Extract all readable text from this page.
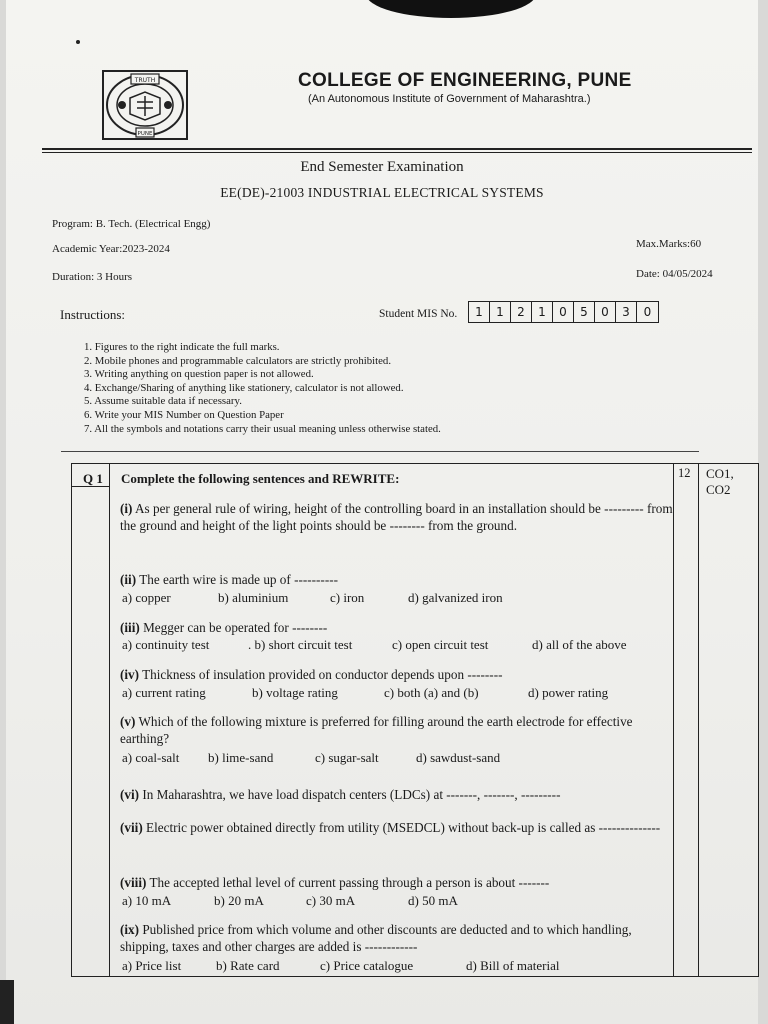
TRUTH
PUNE
COLLEGE OF ENGINEERING, PUNE
(An Autonomous Institute of Government of Maharashtra.)
End Semester Examination
EE(DE)-21003 INDUSTRIAL ELECTRICAL SYSTEMS
Program: B. Tech. (Electrical Engg)
Academic Year:2023-2024
Duration: 3 Hours
Max.Marks:60
Date: 04/05/2024
Instructions:	Student MIS No.	1	1	2	1	0	5	0	3	0
1. Figures to the right indicate the full marks.
2. Mobile phones and programmable calculators are strictly prohibited.
3. Writing anything on question paper is not allowed.
4. Exchange/Sharing of anything like stationery, calculator is not allowed.
5. Assume suitable data if necessary.
6. Write your MIS Number on Question Paper
7. All the symbols and notations carry their usual meaning unless otherwise stated.
Q 1 Complete the following sentences and REWRITE:	12 CO1, CO2
(i) As per general rule of wiring, height of the controlling board in an installation should be --------- from the ground and height of the light points should be -------- from the ground.
(ii) The earth wire is made up of ----------
a) copper	b) aluminium	c) iron	d) galvanized iron
(iii) Megger can be operated for --------
a) continuity test	. b) short circuit test	c) open circuit test	d) all of the above
(iv) Thickness of insulation provided on conductor depends upon --------
a) current rating	b) voltage rating	c) both (a) and (b)	d) power rating
(v) Which of the following mixture is preferred for filling around the earth electrode for effective earthing?
a) coal-salt b) lime-sand	c) sugar-salt	d) sawdust-sand
(vi) In Maharashtra, we have load dispatch centers (LDCs) at -------, -------, ---------
(vii) Electric power obtained directly from utility (MSEDCL) without back-up is called as --------------
(viii) The accepted lethal level of current passing through a person is about -------
a) 10 mA	b) 20 mA	c) 30 mA	d) 50 mA
(ix) Published price from which volume and other discounts are deducted and to which handling, shipping, taxes and other charges are added is ------------
a) Price list	b) Rate card	c) Price catalogue	d) Bill of material
